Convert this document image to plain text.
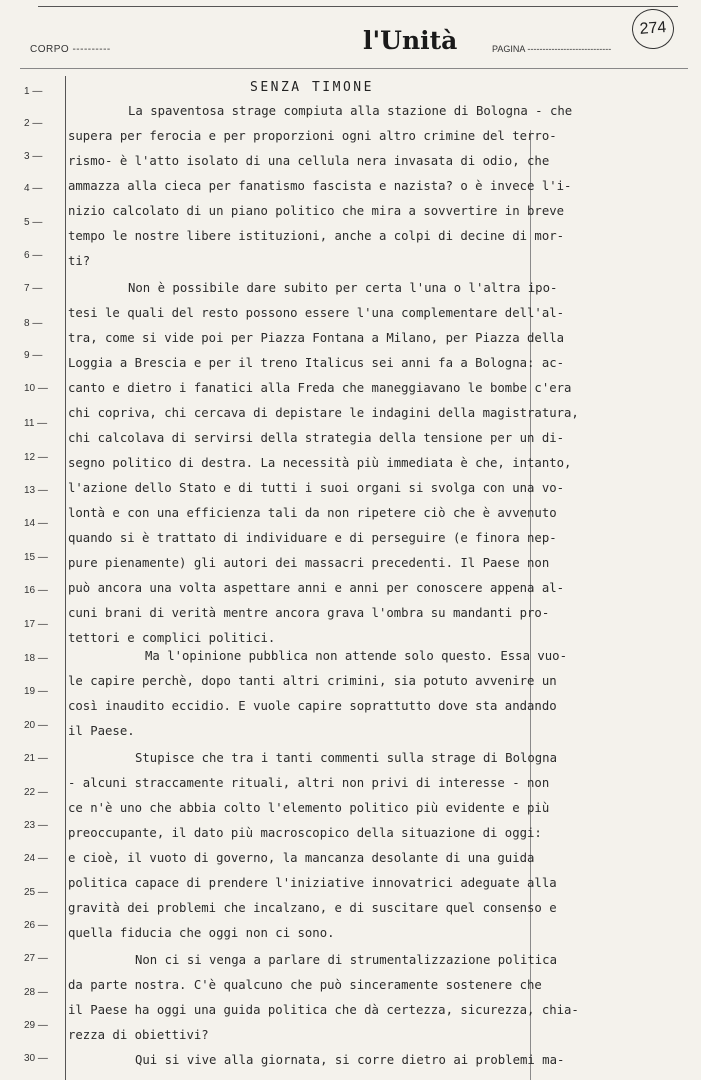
CORPO ----------	l'Unità	PAGINA ----------------------------
274
SENZA TIMONE
1 —
2 —
3 —
4 —
5 —
6 —
7 —
8 —
9 —
10 —
11 —
12 —
13 —
14 —
15 —
16 —
17 —
18 —
19 —
20 —
21 —
22 —
23 —
24 —
25 —
26 —
27 —
28 —
29 —
30 —
La spaventosa strage compiuta alla stazione di Bologna - che
supera per ferocia e per proporzioni ogni altro crimine del terro-
rismo- è l'atto isolato di una cellula nera invasata di odio, che
ammazza alla cieca per fanatismo fascista e nazista? o è invece l'i-
nizio calcolato di un piano politico che mira a sovvertire in breve
tempo le nostre libere istituzioni, anche a colpi di decine di mor-
ti?
Non è possibile dare subito per certa l'una o l'altra ipo-
tesi le quali del resto possono essere l'una complementare dell'al-
tra, come si vide poi per Piazza Fontana a Milano, per Piazza della
Loggia a Brescia e per il treno Italicus sei anni fa a Bologna: ac-
canto e dietro i fanatici alla Freda che maneggiavano le bombe c'era
chi copriva, chi cercava di depistare le indagini della magistratura,
chi calcolava di servirsi della strategia della tensione per un di-
segno politico di destra. La necessità più immediata è che, intanto,
l'azione dello Stato e di tutti i suoi organi si svolga con una vo-
lontà e con una efficienza tali da non ripetere ciò che è avvenuto
quando si è trattato di individuare e di perseguire (e finora nep-
pure pienamente) gli autori dei massacri precedenti. Il Paese non
può ancora una volta aspettare anni e anni per conoscere appena al-
cuni brani di verità mentre ancora grava l'ombra su mandanti pro-
tettori e complici politici.
Ma l'opinione pubblica non attende solo questo. Essa vuo-
le capire perchè, dopo tanti altri crimini, sia potuto avvenire un
così inaudito eccidio. E vuole capire soprattutto dove sta andando
il Paese.
Stupisce che tra i tanti commenti sulla strage di Bologna
- alcuni straccamente rituali, altri non privi di interesse - non
ce n'è uno che abbia colto l'elemento politico più evidente e più
preoccupante, il dato più macroscopico della situazione di oggi:
e cioè, il vuoto di governo, la mancanza desolante di una guida
politica capace di prendere l'iniziative innovatrici adeguate alla
gravità dei problemi che incalzano, e di suscitare quel consenso e
quella fiducia che oggi non ci sono.
Non ci si venga a parlare di strumentalizzazione politica
da parte nostra. C'è qualcuno che può sinceramente sostenere che
il Paese ha oggi una guida politica che dà certezza, sicurezza, chia-
rezza di obiettivi?
Qui si vive alla giornata, si corre dietro ai problemi ma-
